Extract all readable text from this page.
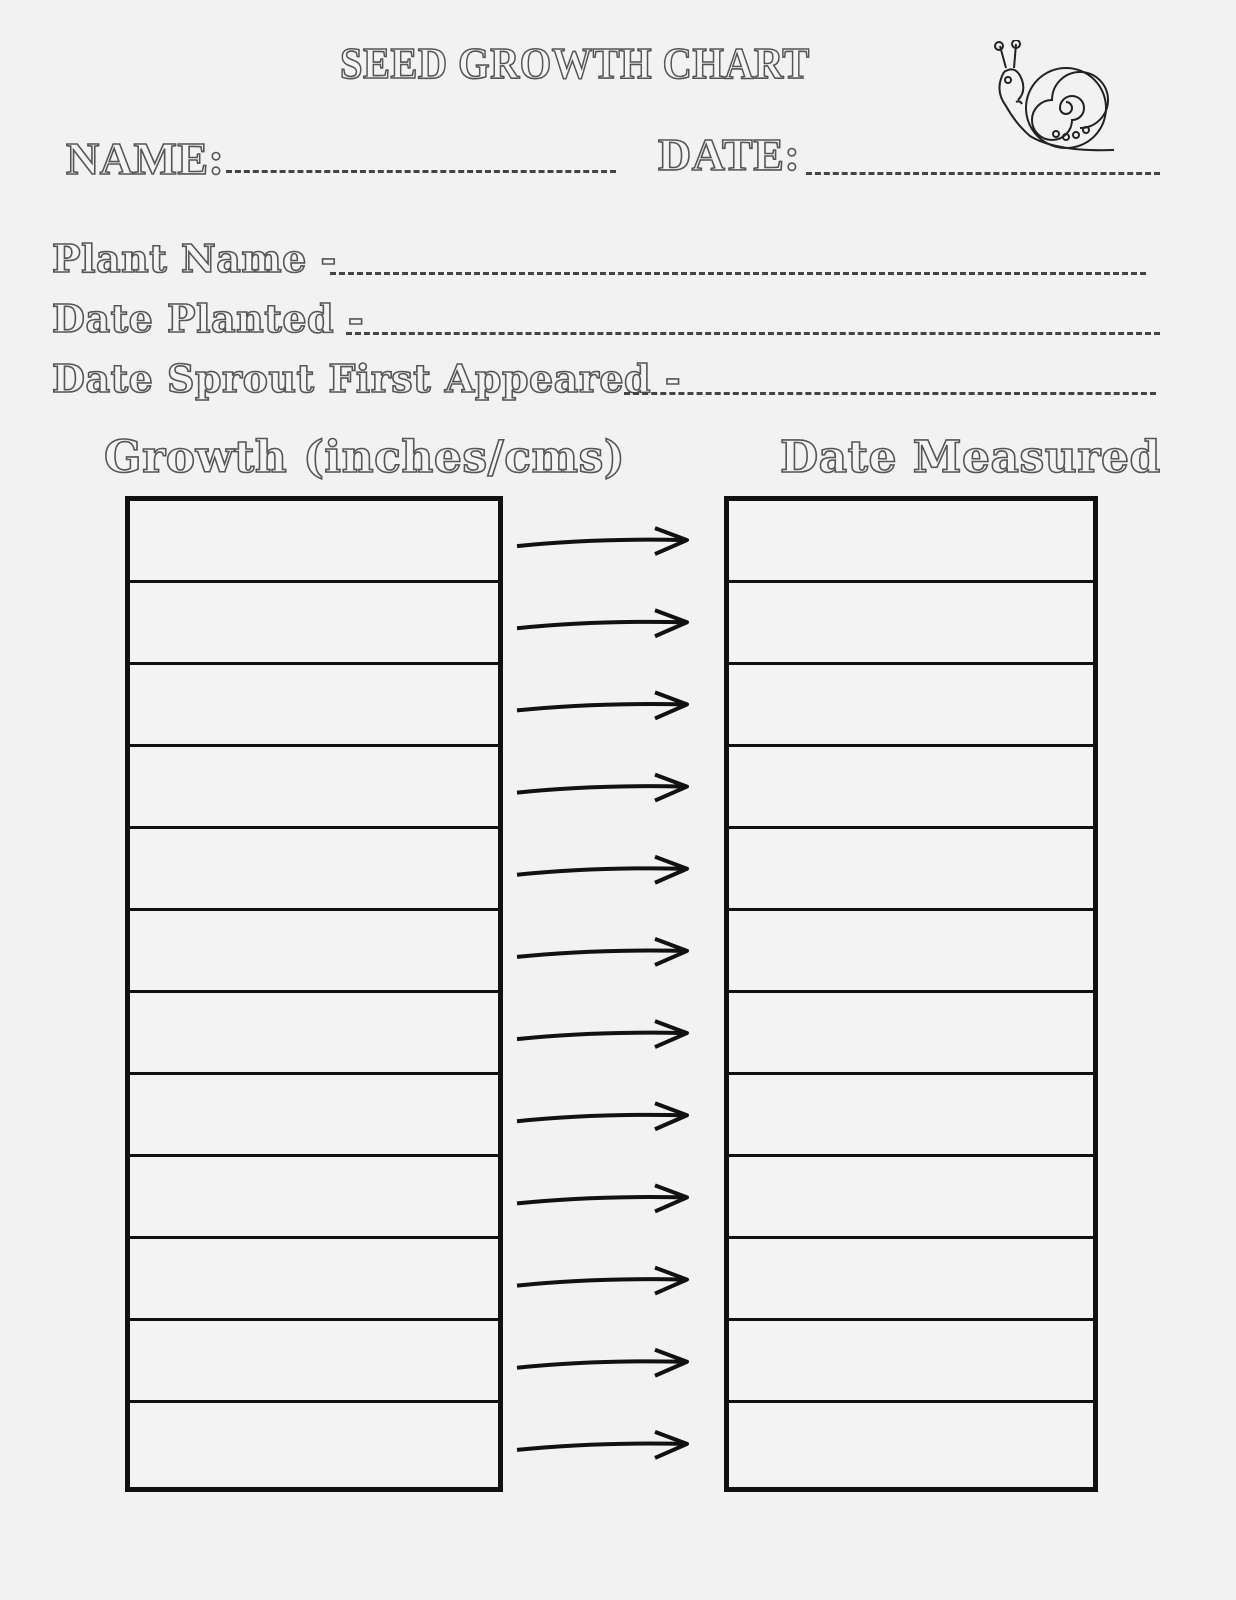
SEED GROWTH CHART
NAME:	DATE:
Plant Name -
Date Planted -
Date Sprout First Appeared -
Growth (inches/cms)	Date Measured
